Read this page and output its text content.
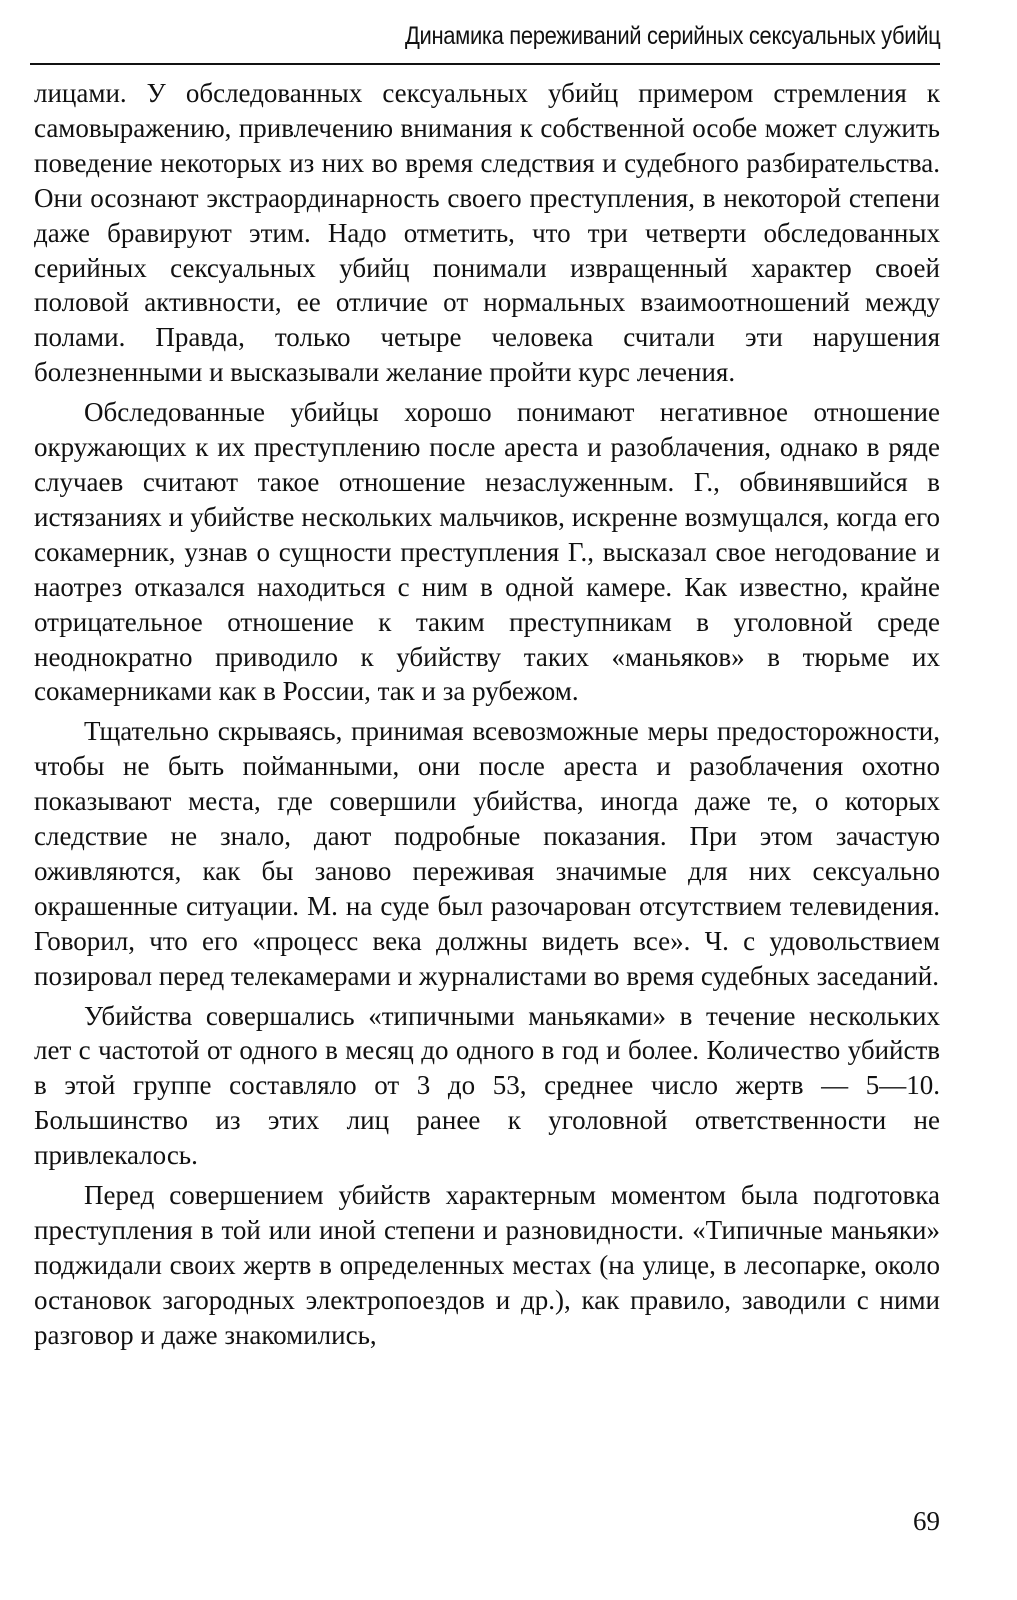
Динамика переживаний серийных сексуальных убийц

лицами. У обследованных сексуальных убийц примером стремления к самовыражению, привлечению внимания к собственной особе может служить поведение некоторых из них во время следствия и судебного разбирательства. Они осознают экстраординарность своего преступления, в некоторой степени даже бравируют этим. Надо отметить, что три четверти обследованных серийных сексуальных убийц понимали извращенный характер своей половой активности, ее отличие от нормальных взаимоотношений между полами. Правда, только четыре человека считали эти нарушения болезненными и высказывали желание пройти курс лечения.

Обследованные убийцы хорошо понимают негативное отношение окружающих к их преступлению после ареста и разоблачения, однако в ряде случаев считают такое отношение незаслуженным. Г., обвинявшийся в истязаниях и убийстве нескольких мальчиков, искренне возмущался, когда его сокамерник, узнав о сущности преступления Г., высказал свое негодование и наотрез отказался находиться с ним в одной камере. Как известно, крайне отрицательное отношение к таким преступникам в уголовной среде неоднократно приводило к убийству таких «маньяков» в тюрьме их сокамерниками как в России, так и за рубежом.

Тщательно скрываясь, принимая всевозможные меры предосторожности, чтобы не быть пойманными, они после ареста и разоблачения охотно показывают места, где совершили убийства, иногда даже те, о которых следствие не знало, дают подробные показания. При этом зачастую оживляются, как бы заново переживая значимые для них сексуально окрашенные ситуации. М. на суде был разочарован отсутствием телевидения. Говорил, что его «процесс века должны видеть все». Ч. с удовольствием позировал перед телекамерами и журналистами во время судебных заседаний.

Убийства совершались «типичными маньяками» в течение нескольких лет с частотой от одного в месяц до одного в год и более. Количество убийств в этой группе составляло от 3 до 53, среднее число жертв — 5—10. Большинство из этих лиц ранее к уголовной ответственности не привлекалось.

Перед совершением убийств характерным моментом была подготовка преступления в той или иной степени и разновидности. «Типичные маньяки» поджидали своих жертв в определенных местах (на улице, в лесопарке, около остановок загородных электропоездов и др.), как правило, заводили с ними разговор и даже знакомились,

69
